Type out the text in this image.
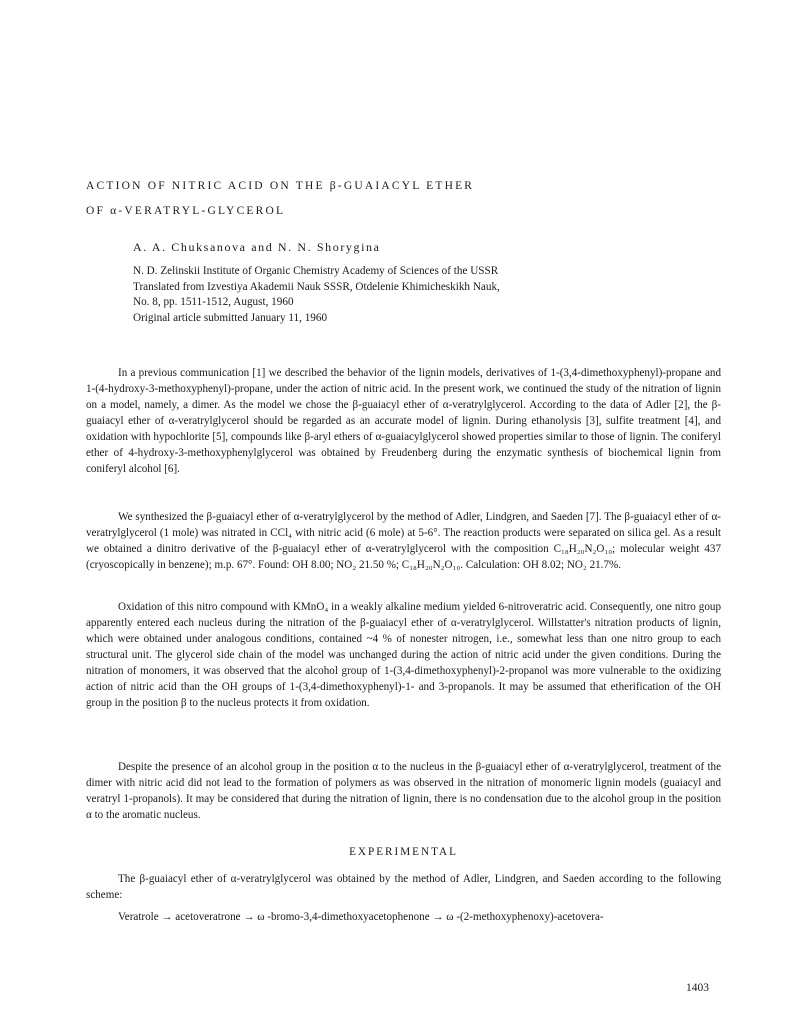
ACTION OF NITRIC ACID ON THE β-GUAIACYL ETHER
OF α-VERATRYL-GLYCEROL
A. A. Chuksanova and N. N. Shorygina
N. D. Zelinskii Institute of Organic Chemistry Academy of Sciences of the USSR
Translated from Izvestiya Akademii Nauk SSSR, Otdelenie Khimicheskikh Nauk,
No. 8, pp. 1511-1512, August, 1960
Original article submitted January 11, 1960
In a previous communication [1] we described the behavior of the lignin models, derivatives of 1-(3,4-dimethoxyphenyl)-propane and 1-(4-hydroxy-3-methoxyphenyl)-propane, under the action of nitric acid. In the present work, we continued the study of the nitration of lignin on a model, namely, a dimer. As the model we chose the β-guaiacyl ether of α-veratrylglycerol. According to the data of Adler [2], the β-guaiacyl ether of α-veratrylglycerol should be regarded as an accurate model of lignin. During ethanolysis [3], sulfite treatment [4], and oxidation with hypochlorite [5], compounds like β-aryl ethers of α-guaiacylglycerol showed properties similar to those of lignin. The coniferyl ether of 4-hydroxy-3-methoxyphenylglycerol was obtained by Freudenberg during the enzymatic synthesis of biochemical lignin from coniferyl alcohol [6].
We synthesized the β-guaiacyl ether of α-veratrylglycerol by the method of Adler, Lindgren, and Saeden [7]. The β-guaiacyl ether of α-veratrylglycerol (1 mole) was nitrated in CCl₄ with nitric acid (6 mole) at 5-6°. The reaction products were separated on silica gel. As a result we obtained a dinitro derivative of the β-guaiacyl ether of α-veratrylglycerol with the composition C₁₈H₂₀N₂O₁₀; molecular weight 437 (cryoscopically in benzene); m.p. 67°. Found: OH 8.00; NO₂ 21.50 %; C₁₈H₂₀N₂O₁₀. Calculation: OH 8.02; NO₂ 21.7%.
Oxidation of this nitro compound with KMnO₄ in a weakly alkaline medium yielded 6-nitroveratric acid. Consequently, one nitro goup apparently entered each nucleus during the nitration of the β-guaiacyl ether of α-veratrylglycerol. Willstatter's nitration products of lignin, which were obtained under analogous conditions, contained ~4 % of nonester nitrogen, i.e., somewhat less than one nitro group to each structural unit. The glycerol side chain of the model was unchanged during the action of nitric acid under the given conditions. During the nitration of monomers, it was observed that the alcohol group of 1-(3,4-dimethoxyphenyl)-2-propanol was more vulnerable to the oxidizing action of nitric acid than the OH groups of 1-(3,4-dimethoxyphenyl)-1- and 3-propanols. It may be assumed that etherification of the OH group in the position β to the nucleus protects it from oxidation.
Despite the presence of an alcohol group in the position α to the nucleus in the β-guaiacyl ether of α-veratrylglycerol, treatment of the dimer with nitric acid did not lead to the formation of polymers as was observed in the nitration of monomeric lignin models (guaiacyl and veratryl 1-propanols). It may be considered that during the nitration of lignin, there is no condensation due to the alcohol group in the position α to the aromatic nucleus.
EXPERIMENTAL
The β-guaiacyl ether of α-veratrylglycerol was obtained by the method of Adler, Lindgren, and Saeden according to the following scheme:
Veratrole → acetoveratrone → ω -bromo-3,4-dimethoxyacetophenone → ω -(2-methoxyphenoxy)-acetovera-
1403
